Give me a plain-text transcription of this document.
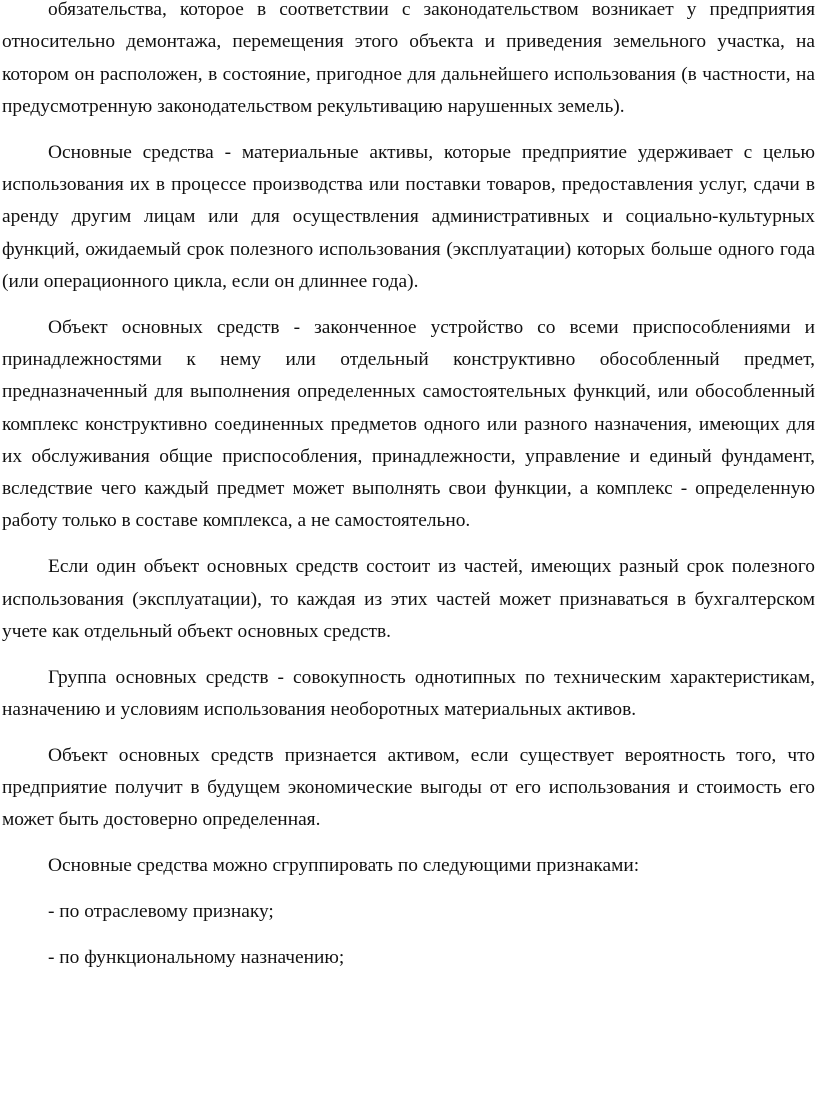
обязательства, которое в соответствии с законодательством возникает у предприятия относительно демонтажа, перемещения этого объекта и приведения земельного участка, на котором он расположен, в состояние, пригодное для дальнейшего использования (в частности, на предусмотренную законодательством рекультивацию нарушенных земель).

Основные средства - материальные активы, которые предприятие удерживает с целью использования их в процессе производства или поставки товаров, предоставления услуг, сдачи в аренду другим лицам или для осуществления административных и социально-культурных функций, ожидаемый срок полезного использования (эксплуатации) которых больше одного года (или операционного цикла, если он длиннее года).

Объект основных средств - законченное устройство со всеми приспособлениями и принадлежностями к нему или отдельный конструктивно обособленный предмет, предназначенный для выполнения определенных самостоятельных функций, или обособленный комплекс конструктивно соединенных предметов одного или разного назначения, имеющих для их обслуживания общие приспособления, принадлежности, управление и единый фундамент, вследствие чего каждый предмет может выполнять свои функции, а комплекс - определенную работу только в составе комплекса, а не самостоятельно.

Если один объект основных средств состоит из частей, имеющих разный срок полезного использования (эксплуатации), то каждая из этих частей может признаваться в бухгалтерском учете как отдельный объект основных средств.

Группа основных средств - совокупность однотипных по техническим характеристикам, назначению и условиям использования необоротных материальных активов.

Объект основных средств признается активом, если существует вероятность того, что предприятие получит в будущем экономические выгоды от его использования и стоимость его может быть достоверно определенная.

Основные средства можно сгруппировать по следующими признаками:

- по отраслевому признаку;

- по функциональному назначению;
